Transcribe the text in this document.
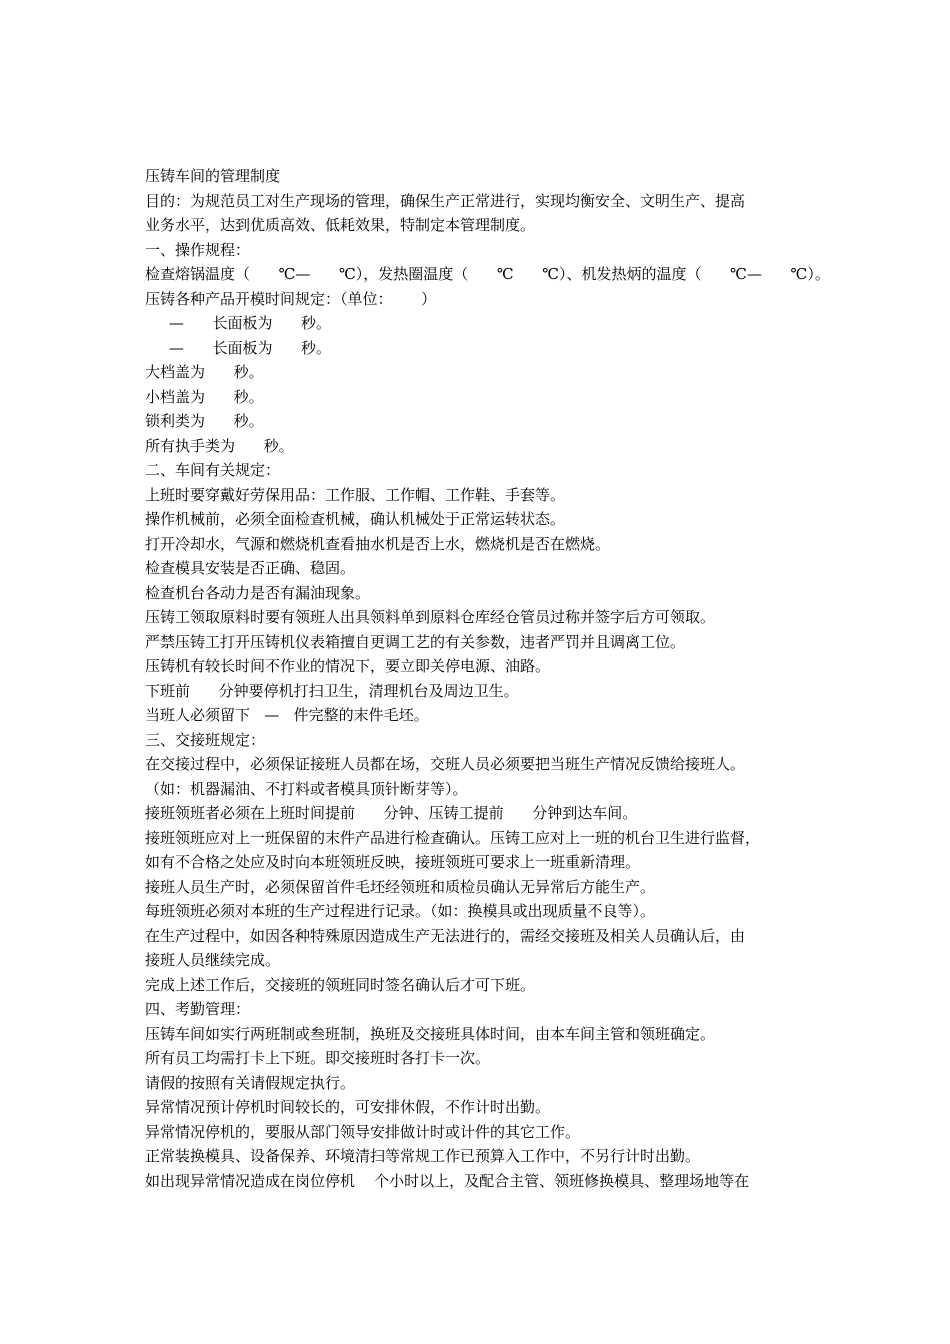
压铸车间的管理制度
目的：为规范员工对生产现场的管理，确保生产正常进行，实现均衡安全、文明生产、提高
业务水平，达到优质高效、低耗效果，特制定本管理制度。
一、操作规程：
检查熔锅温度（      ℃—      ℃），发热圈温度（      ℃      ℃）、机发热炳的温度（      ℃—      ℃）。
压铸各种产品开模时间规定：（单位：      ）
—      长面板为      秒。
—      长面板为      秒。
大档盖为      秒。
小档盖为      秒。
锁利类为      秒。
所有执手类为      秒。
二、车间有关规定：
上班时要穿戴好劳保用品：工作服、工作帽、工作鞋、手套等。
操作机械前，必须全面检查机械，确认机械处于正常运转状态。
打开冷却水，气源和燃烧机查看抽水机是否上水，燃烧机是否在燃烧。
检查模具安装是否正确、稳固。
检查机台各动力是否有漏油现象。
压铸工领取原料时要有领班人出具领料单到原料仓库经仓管员过称并签字后方可领取。
严禁压铸工打开压铸机仪表箱擅自更调工艺的有关参数，违者严罚并且调离工位。
压铸机有较长时间不作业的情况下，要立即关停电源、油路。
下班前      分钟要停机打扫卫生，清理机台及周边卫生。
当班人必须留下   —   件完整的末件毛坯。
三、交接班规定：
在交接过程中，必须保证接班人员都在场，交班人员必须要把当班生产情况反馈给接班人。
（如：机器漏油、不打料或者模具顶针断芽等）。
接班领班者必须在上班时间提前      分钟、压铸工提前      分钟到达车间。
接班领班应对上一班保留的末件产品进行检查确认。压铸工应对上一班的机台卫生进行监督，
如有不合格之处应及时向本班领班反映，接班领班可要求上一班重新清理。
接班人员生产时，必须保留首件毛坯经领班和质检员确认无异常后方能生产。
每班领班必须对本班的生产过程进行记录。（如：换模具或出现质量不良等）。
在生产过程中，如因各种特殊原因造成生产无法进行的，需经交接班及相关人员确认后，由
接班人员继续完成。
完成上述工作后，交接班的领班同时签名确认后才可下班。
四、考勤管理：
压铸车间如实行两班制或叁班制，换班及交接班具体时间，由本车间主管和领班确定。
所有员工均需打卡上下班。即交接班时各打卡一次。
请假的按照有关请假规定执行。
异常情况预计停机时间较长的，可安排休假，不作计时出勤。
异常情况停机的，要服从部门领导安排做计时或计件的其它工作。
正常装换模具、设备保养、环境清扫等常规工作已预算入工作中，不另行计时出勤。
如出现异常情况造成在岗位停机    个小时以上，及配合主管、领班修换模具、整理场地等在
